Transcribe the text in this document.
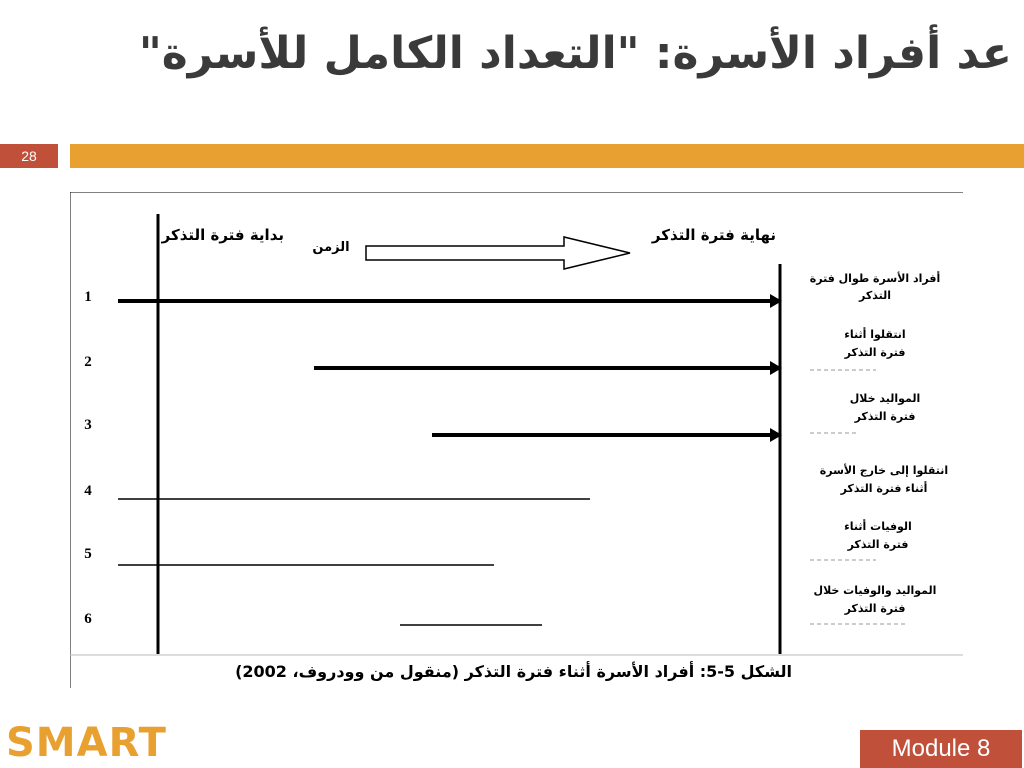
عد أفراد الأسرة: "التعداد الكامل للأسرة"
28
بداية فترة التذكر	نهاية فترة التذكر
الزمن
1
2
3
4
5
6
أفراد الأسرة طوال فترة
التذكر
انتقلوا أثناء
فترة التذكر
المواليد خلال
فترة التذكر
انتقلوا إلى خارج الأسرة
أثناء فترة التذكر
الوفيات أثناء
فترة التذكر
المواليد والوفيات خلال
فترة التذكر
الشكل 5-5: أفراد الأسرة أثناء فترة التذكر (منقول من وودروف، 2002)
SMART	Module 8
